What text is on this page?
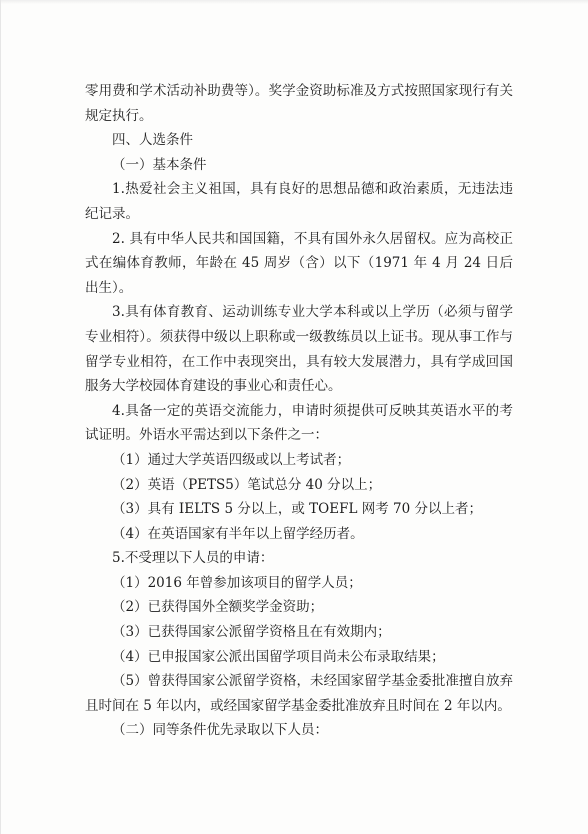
零用费和学术活动补助费等）。奖学金资助标准及方式按照国家现行有关规定执行。

四、人选条件

（一）基本条件

1.热爱社会主义祖国，具有良好的思想品德和政治素质，无违法违纪记录。

2. 具有中华人民共和国国籍，不具有国外永久居留权。应为高校正式在编体育教师，年龄在 45 周岁（含）以下（1971 年 4 月 24 日后出生）。

3.具有体育教育、运动训练专业大学本科或以上学历（必须与留学专业相符）。须获得中级以上职称或一级教练员以上证书。现从事工作与留学专业相符，在工作中表现突出，具有较大发展潜力，具有学成回国服务大学校园体育建设的事业心和责任心。

4.具备一定的英语交流能力，申请时须提供可反映其英语水平的考试证明。外语水平需达到以下条件之一：

（1）通过大学英语四级或以上考试者；

（2）英语（PETS5）笔试总分 40 分以上；

（3）具有 IELTS 5 分以上，或 TOEFL 网考 70 分以上者；

（4）在英语国家有半年以上留学经历者。

5.不受理以下人员的申请：

（1）2016 年曾参加该项目的留学人员；

（2）已获得国外全额奖学金资助；

（3）已获得国家公派留学资格且在有效期内；

（4）已申报国家公派出国留学项目尚未公布录取结果；

（5）曾获得国家公派留学资格，未经国家留学基金委批准擅自放弃且时间在 5 年以内，或经国家留学基金委批准放弃且时间在 2 年以内。

（二）同等条件优先录取以下人员：
